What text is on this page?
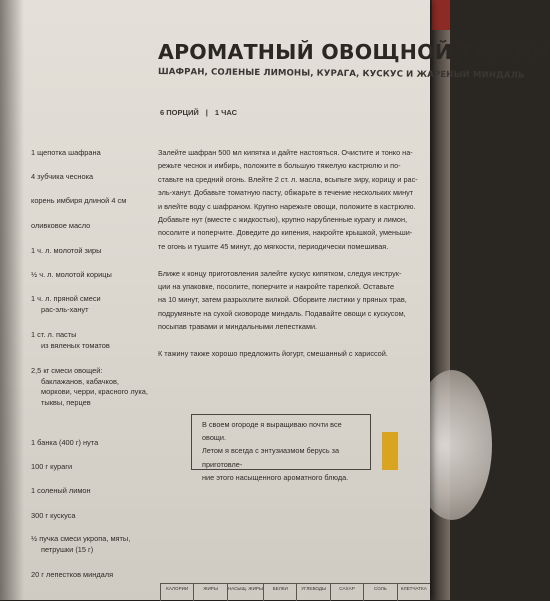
АРОМАТНЫЙ ОВОЩНОЙ ТАЖИН
ШАФРАН, СОЛЕНЫЕ ЛИМОНЫ, КУРАГА, КУСКУС И ЖАРЕНЫЙ МИНДАЛЬ
6 ПОРЦИЙ | 1 ЧАС
1 щепотка шафрана
4 зубчика чеснока
корень имбиря длиной 4 см
оливковое масло
1 ч. л. молотой зиры
½ ч. л. молотой корицы
1 ч. л. пряной смеси
рас-эль-ханут
1 ст. л. пасты
из вяленых томатов
2,5 кг смеси овощей:
баклажанов, кабачков, моркови, черри, красного лука, тыквы, перцев
1 банка (400 г) нута
100 г кураги
1 соленый лимон
300 г кускуса
½ пучка смеси укропа, мяты,
петрушки (15 г)
20 г лепестков миндаля

Залейте шафран 500 мл кипятка и дайте настояться. Очистите и тонко на-
режьте чеснок и имбирь, положите в большую тяжелую кастрюлю и по-
ставьте на средний огонь. Влейте 2 ст. л. масла, всыпьте зиру, корицу и рас-
эль-ханут. Добавьте томатную пасту, обжарьте в течение нескольких минут
и влейте воду с шафраном. Крупно нарежьте овощи, положите в кастрюлю.
Добавьте нут (вместе с жидкостью), крупно нарубленные курагу и лимон,
посолите и поперчите. Доведите до кипения, накройте крышкой, уменьши-
те огонь и тушите 45 минут, до мягкости, периодически помешивая.

Ближе к концу приготовления залейте кускус кипятком, следуя инструк-
ции на упаковке, посолите, поперчите и накройте тарелкой. Оставьте
на 10 минут, затем разрыхлите вилкой. Оборвите листики у пряных трав,
подрумяньте на сухой сковороде миндаль. Подавайте овощи с кускусом,
посыпав травами и миндальными лепестками.

К тажину также хорошо предложить йогурт, смешанный с харисcой.

В своем огороде я выращиваю почти все овощи.

Летом я всегда с энтузиазмом берусь за приготовле-

ние этого насыщенного ароматного блюда.

КАЛОРИИ	ЖИРЫ	НАСЫЩ. ЖИРЫ	БЕЛКИ	УГЛЕВОДЫ	САХАР	СОЛЬ	КЛЕТЧАТКА
